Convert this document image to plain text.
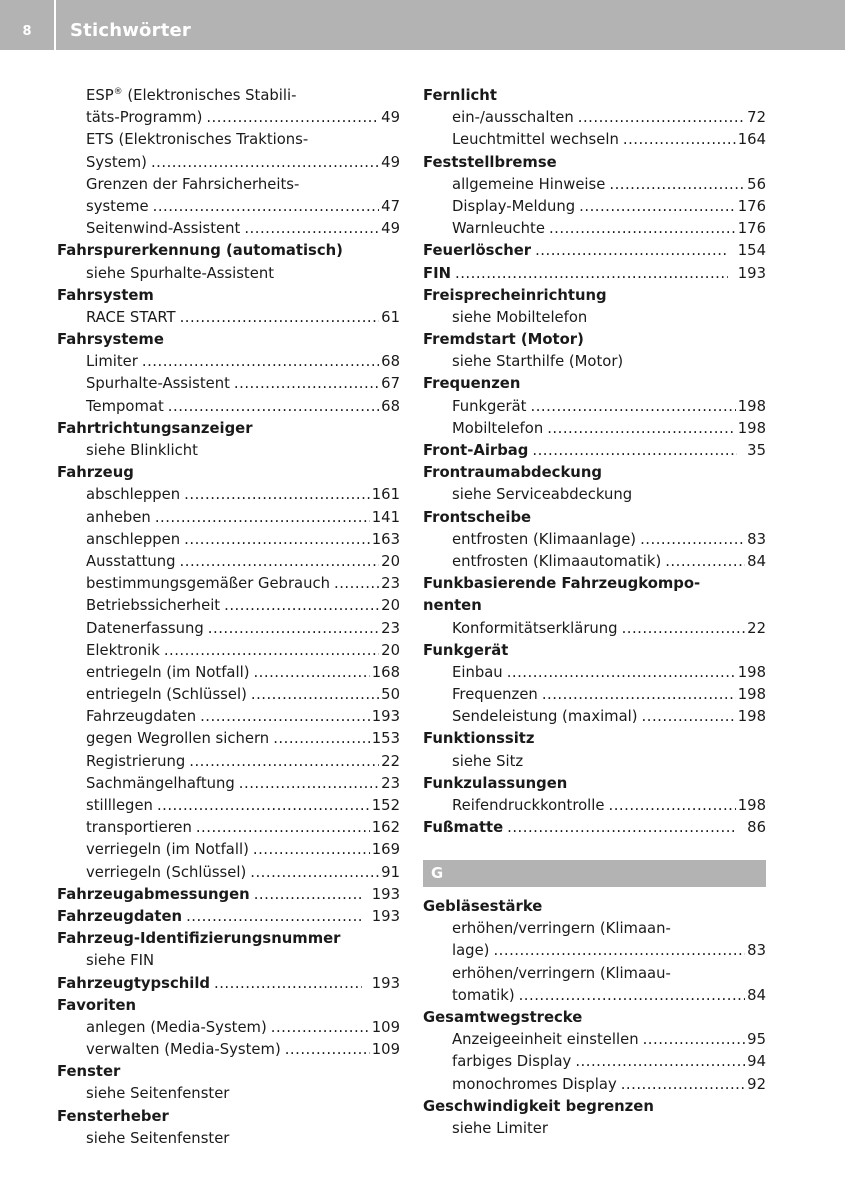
8	Stichwörter
ESP® (Elektronisches Stabili-
täts-Programm) .....	49
ETS (Elektronisches Traktions-
System) .....	49
Grenzen der Fahrsicherheits-
systeme .....	47
Seitenwind-Assistent .....	49
Fahrspurerkennung (automatisch)
siehe Spurhalte-Assistent
Fahrsystem
RACE START .....	61
Fahrsysteme
Limiter .....	68
Spurhalte-Assistent .....	67
Tempomat .....	68
Fahrtrichtungsanzeiger
siehe Blinklicht
Fahrzeug
abschleppen .....	161
anheben .....	141
anschleppen .....	163
Ausstattung .....	20
bestimmungsgemäßer Gebrauch .....	23
Betriebssicherheit .....	20
Datenerfassung .....	23
Elektronik .....	20
entriegeln (im Notfall) .....	168
entriegeln (Schlüssel) .....	50
Fahrzeugdaten .....	193
gegen Wegrollen sichern .....	153
Registrierung .....	22
Sachmängelhaftung .....	23
stilllegen .....	152
transportieren .....	162
verriegeln (im Notfall) .....	169
verriegeln (Schlüssel) .....	91
Fahrzeugabmessungen .....	193
Fahrzeugdaten .....	193
Fahrzeug-Identifizierungsnummer
siehe FIN
Fahrzeugtypschild .....	193
Favoriten
anlegen (Media-System) .....	109
verwalten (Media-System) .....	109
Fenster
siehe Seitenfenster
Fensterheber
siehe Seitenfenster
Fernlicht
ein-/ausschalten .....	72
Leuchtmittel wechseln .....	164
Feststellbremse
allgemeine Hinweise .....	56
Display-Meldung .....	176
Warnleuchte .....	176
Feuerlöscher .....	154
FIN .....	193
Freisprecheinrichtung
siehe Mobiltelefon
Fremdstart (Motor)
siehe Starthilfe (Motor)
Frequenzen
Funkgerät .....	198
Mobiltelefon .....	198
Front-Airbag .....	35
Frontraumabdeckung
siehe Serviceabdeckung
Frontscheibe
entfrosten (Klimaanlage) .....	83
entfrosten (Klimaautomatik) .....	84
Funkbasierende Fahrzeugkompo-
nenten
Konformitätserklärung .....	22
Funkgerät
Einbau .....	198
Frequenzen .....	198
Sendeleistung (maximal) .....	198
Funktionssitz
siehe Sitz
Funkzulassungen
Reifendruckkontrolle .....	198
Fußmatte .....	86
G
Gebläsestärke
erhöhen/verringern (Klimaan-
lage) .....	83
erhöhen/verringern (Klimaau-
tomatik) .....	84
Gesamtwegstrecke
Anzeigeeinheit einstellen .....	95
farbiges Display .....	94
monochromes Display .....	92
Geschwindigkeit begrenzen
siehe Limiter
